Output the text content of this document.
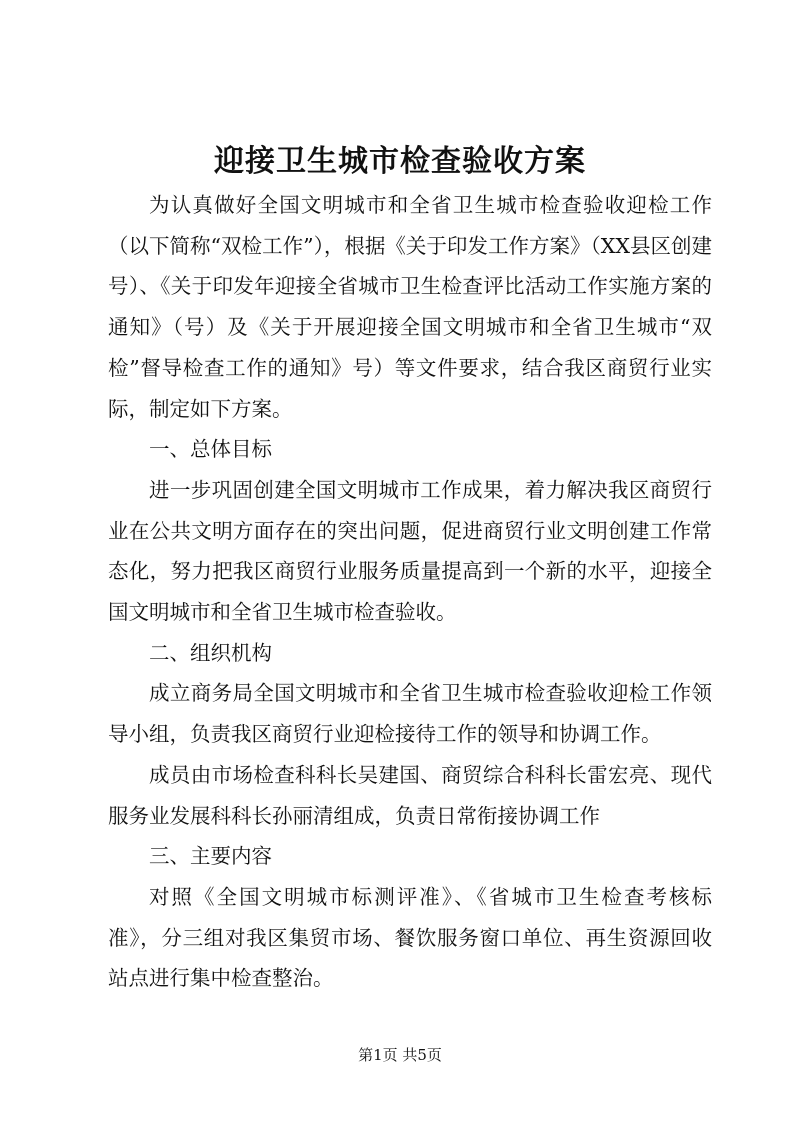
迎接卫生城市检查验收方案

为认真做好全国文明城市和全省卫生城市检查验收迎检工作（以下简称“双检工作”），根据《关于印发工作方案》（XX县区创建号）、《关于印发年迎接全省城市卫生检查评比活动工作实施方案的通知》（号）及《关于开展迎接全国文明城市和全省卫生城市“双检”督导检查工作的通知》号）等文件要求，结合我区商贸行业实际，制定如下方案。

一、总体目标

进一步巩固创建全国文明城市工作成果，着力解决我区商贸行业在公共文明方面存在的突出问题，促进商贸行业文明创建工作常态化，努力把我区商贸行业服务质量提高到一个新的水平，迎接全国文明城市和全省卫生城市检查验收。

二、组织机构

成立商务局全国文明城市和全省卫生城市检查验收迎检工作领导小组，负责我区商贸行业迎检接待工作的领导和协调工作。

成员由市场检查科科长吴建国、商贸综合科科长雷宏亮、现代服务业发展科科长孙丽清组成，负责日常衔接协调工作

三、主要内容

对照《全国文明城市标测评准》、《省城市卫生检查考核标准》，分三组对我区集贸市场、餐饮服务窗口单位、再生资源回收站点进行集中检查整治。

第1页 共5页
